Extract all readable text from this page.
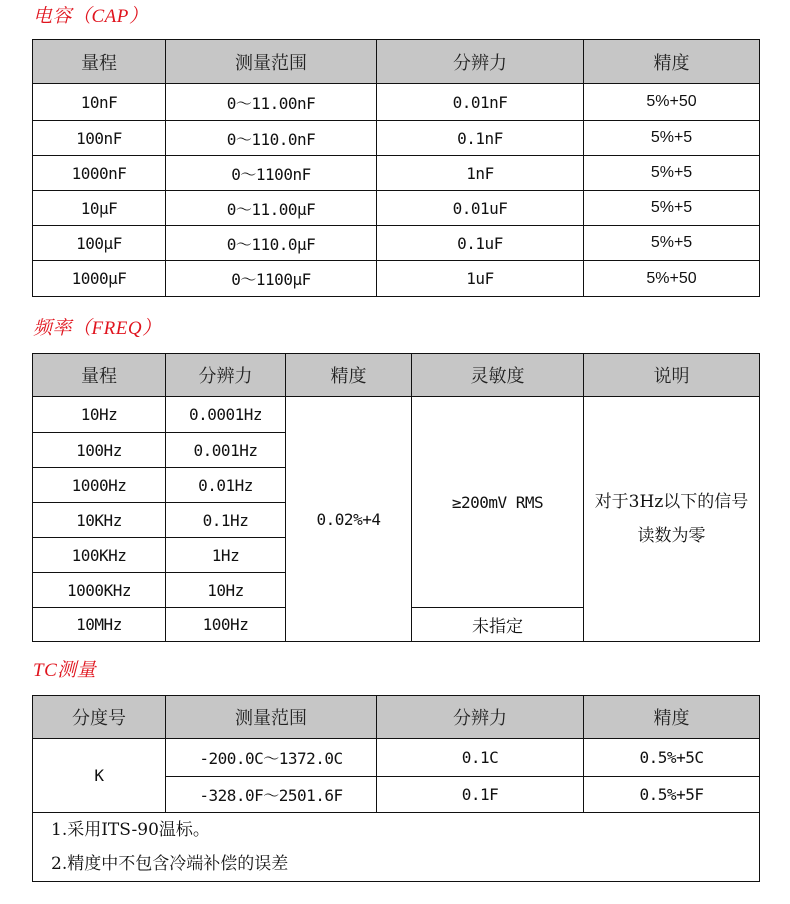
电容（CAP）
量程	测量范围	分辨力	精度
10nF	0～11.00nF	0.01nF	5%+50
100nF	0～110.0nF	0.1nF	5%+5
1000nF	0～1100nF	1nF	5%+5
10μF	0～11.00μF	0.01uF	5%+5
100μF	0～110.0μF	0.1uF	5%+5
1000μF	0～1100μF	1uF	5%+50
频率（FREQ）
量程	分辨力	精度	灵敏度	说明
10Hz	0.0001Hz	0.02%+4	≥200mV RMS	对于3Hz以下的信号读数为零
100Hz	0.001Hz			
1000Hz	0.01Hz			
10KHz	0.1Hz			
100KHz	1Hz			
1000KHz	10Hz			
10MHz	100Hz		未指定	
TC测量
分度号	测量范围	分辨力	精度
K	-200.0C～1372.0C	0.1C	0.5%+5C
	-328.0F～2501.6F	0.1F	0.5%+5F

1.采用ITS-90温标。
2.精度中不包含冷端补偿的误差			
